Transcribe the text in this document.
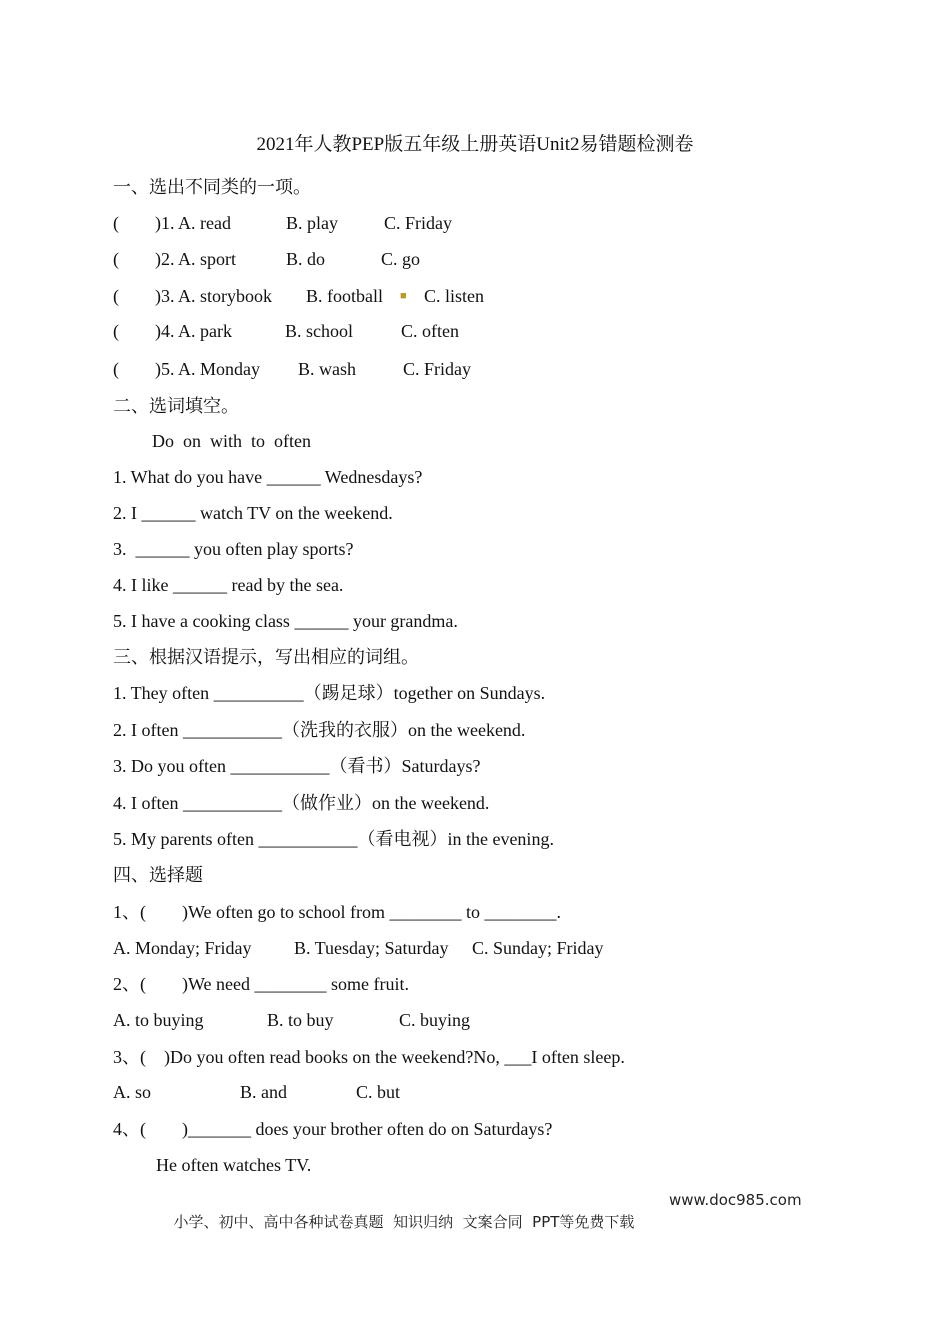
2021年人教PEP版五年级上册英语Unit2易错题检测卷
一、选出不同类的一项。
(        )1. A. read	B. play	C. Friday
(        )2. A. sport	B. do	C. go
(        )3. A. storybook B. football ■ C. listen
(        )4. A. park	B. school	C. often
(        )5. A. Monday B. wash	C. Friday
二、选词填空。
Do  on  with  to  often
1. What do you have ______ Wednesdays?
2. I ______ watch TV on the weekend.
3.  ______ you often play sports?
4. I like ______ read by the sea.
5. I have a cooking class ______ your grandma.
三、根据汉语提示，写出相应的词组。
1. They often __________（踢足球）together on Sundays.
2. I often ___________（洗我的衣服）on the weekend.
3. Do you often ___________（看书）Saturdays?
4. I often ___________（做作业）on the weekend.
5. My parents often ___________（看电视）in the evening.
四、选择题
1、(        )We often go to school from ________ to ________.
A. Monday; Friday B. Tuesday; Saturday C. Sunday; Friday
2、(        )We need ________ some fruit.
A. to buying	B. to buy	C. buying
3、(    )Do you often read books on the weekend?No, ___I often sleep.
A. so	B. and	C. but
4、(        )_______ does your brother often do on Saturdays?
He often watches TV.

小学、初中、高中各种试卷真题  知识归纳  文案合同  PPT等免费下载

www.doc985.com
